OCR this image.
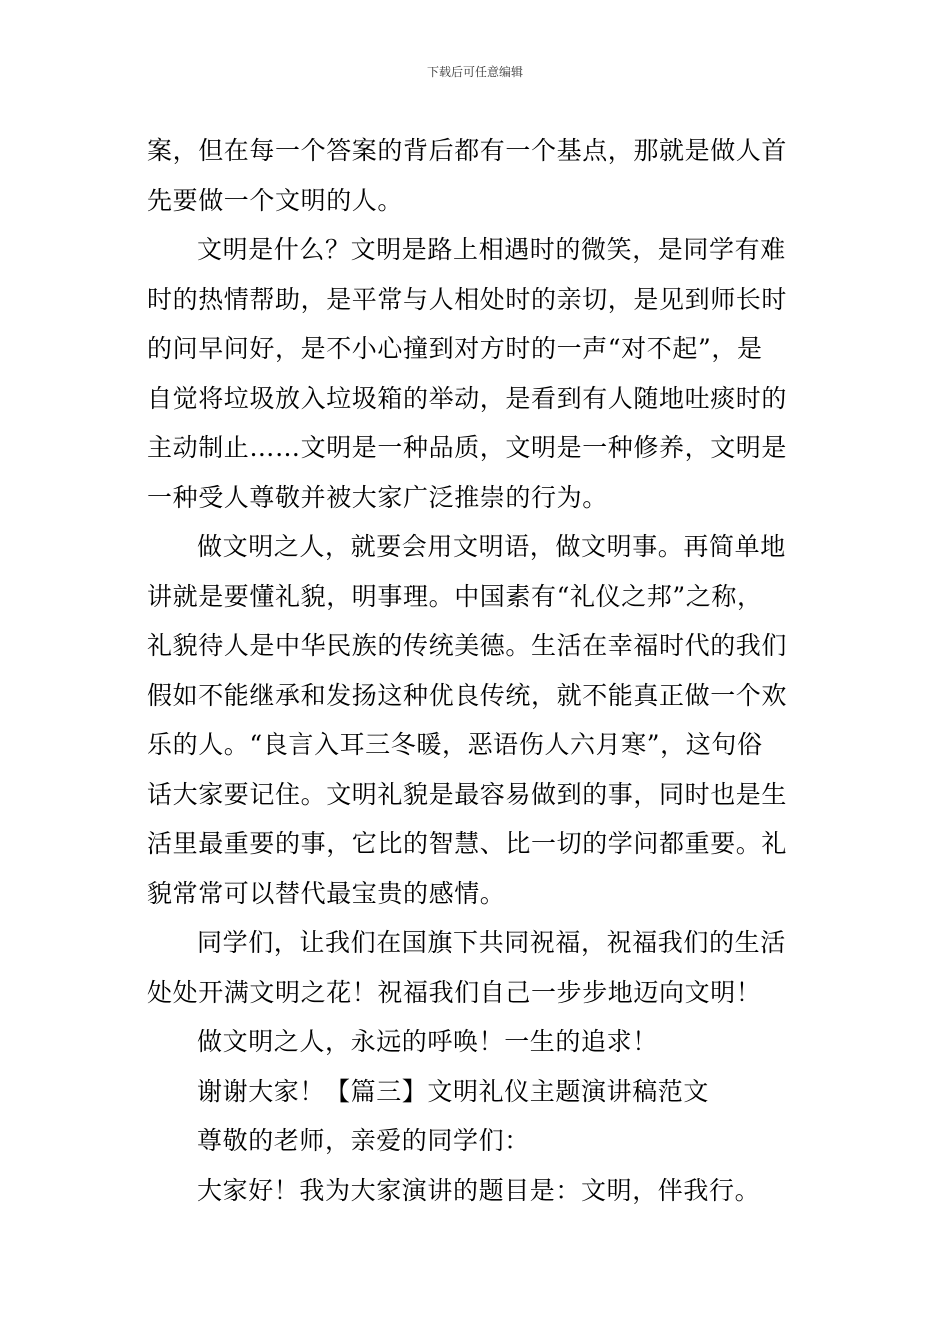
下载后可任意编辑
案，但在每一个答案的背后都有一个基点，那就是做人首
先要做一个文明的人。
文明是什么？文明是路上相遇时的微笑，是同学有难
时的热情帮助，是平常与人相处时的亲切，是见到师长时
的问早问好，是不小心撞到对方时的一声“对不起”，是
自觉将垃圾放入垃圾箱的举动，是看到有人随地吐痰时的
主动制止……文明是一种品质，文明是一种修养，文明是
一种受人尊敬并被大家广泛推崇的行为。
做文明之人，就要会用文明语，做文明事。再简单地
讲就是要懂礼貌，明事理。中国素有“礼仪之邦”之称，
礼貌待人是中华民族的传统美德。生活在幸福时代的我们
假如不能继承和发扬这种优良传统，就不能真正做一个欢
乐的人。“良言入耳三冬暖，恶语伤人六月寒”，这句俗
话大家要记住。文明礼貌是最容易做到的事，同时也是生
活里最重要的事，它比的智慧、比一切的学问都重要。礼
貌常常可以替代最宝贵的感情。
同学们，让我们在国旗下共同祝福，祝福我们的生活
处处开满文明之花！祝福我们自己一步步地迈向文明！
做文明之人，永远的呼唤！一生的追求！
谢谢大家！【篇三】文明礼仪主题演讲稿范文
尊敬的老师，亲爱的同学们：
大家好！我为大家演讲的题目是：文明，伴我行。
